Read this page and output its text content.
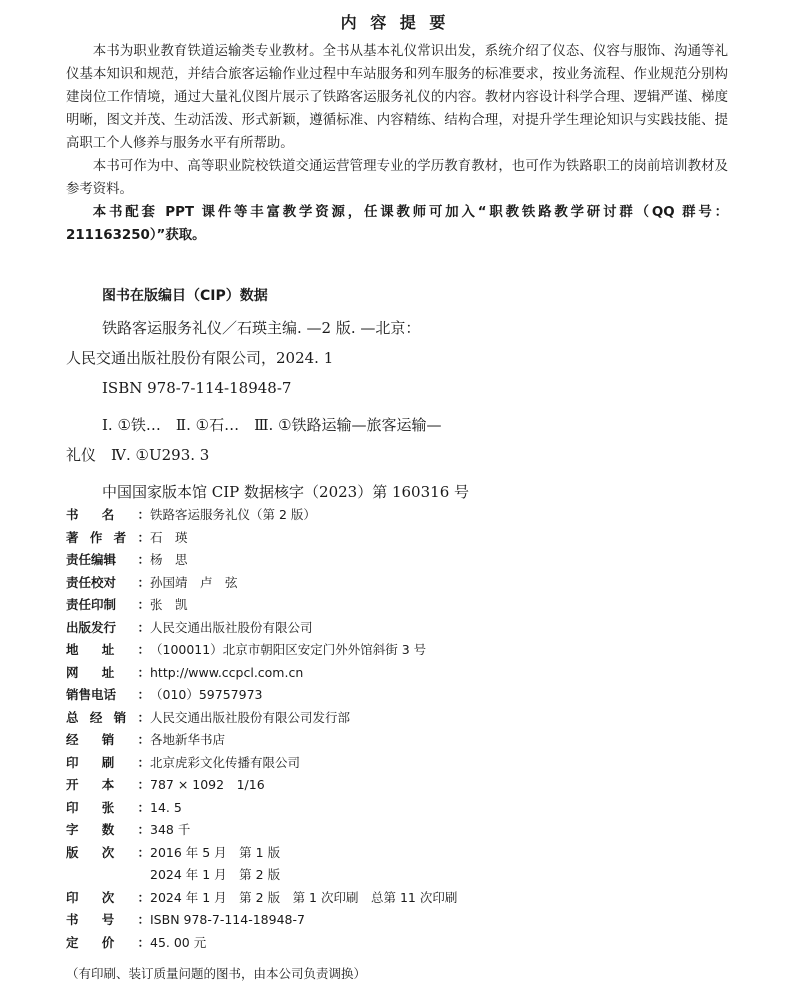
内 容 提 要

本书为职业教育铁道运输类专业教材。全书从基本礼仪常识出发，系统介绍了仪态、仪容与服饰、沟通等礼仪基本知识和规范，并结合旅客运输作业过程中车站服务和列车服务的标准要求，按业务流程、作业规范分别构建岗位工作情境，通过大量礼仪图片展示了铁路客运服务礼仪的内容。教材内容设计科学合理、逻辑严谨、梯度明晰，图文并茂、生动活泼、形式新颖，遵循标准、内容精练、结构合理，对提升学生理论知识与实践技能、提高职工个人修养与服务水平有所帮助。

本书可作为中、高等职业院校铁道交通运营管理专业的学历教育教材，也可作为铁路职工的岗前培训教材及参考资料。

本书配套 PPT 课件等丰富教学资源，任课教师可加入“职教铁路教学研讨群（QQ 群号：211163250）”获取。

图书在版编目（CIP）数据
铁路客运服务礼仪／石瑛主编. —2 版. —北京：
人民交通出版社股份有限公司，2024. 1
ISBN 978-7-114-18948-7
Ⅰ. ①铁…　Ⅱ. ①石…　Ⅲ. ①铁路运输—旅客运输—
礼仪　Ⅳ. ①U293. 3
中国国家版本馆 CIP 数据核字（2023）第 160316 号
书 名 ： 铁路客运服务礼仪（第 2 版）
著 作 者 ： 石　瑛
责任编辑 ： 杨　思
责任校对 ： 孙国靖　卢　弦
责任印制 ： 张　凯
出版发行 ： 人民交通出版社股份有限公司
地 址 ： （100011）北京市朝阳区安定门外外馆斜街 3 号
网 址 ： http://www.ccpcl.com.cn
销售电话 ： （010）59757973
总 经 销 ： 人民交通出版社股份有限公司发行部
经 销 ： 各地新华书店
印 刷 ： 北京虎彩文化传播有限公司
开 本 ： 787 × 1092　1/16
印 张 ： 14. 5
字 数 ： 348 千
版 次 ： 2016 年 5 月　第 1 版
2024 年 1 月　第 2 版
印 次 ： 2024 年 1 月　第 2 版　第 1 次印刷　总第 11 次印刷
书 号 ： ISBN 978-7-114-18948-7
定 价 ： 45. 00 元
（有印刷、装订质量问题的图书，由本公司负责调换）
